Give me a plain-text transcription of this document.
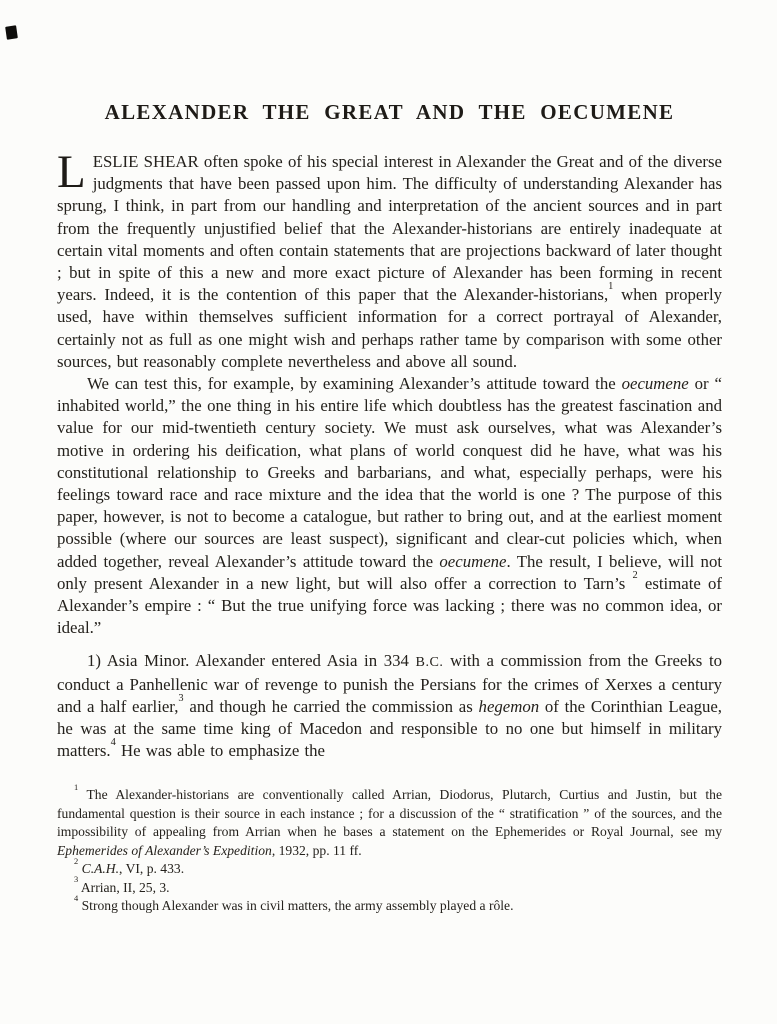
ALEXANDER THE GREAT AND THE OECUMENE

LESLIE SHEAR often spoke of his special interest in Alexander the Great and of the diverse judgments that have been passed upon him. The difficulty of understanding Alexander has sprung, I think, in part from our handling and interpretation of the ancient sources and in part from the frequently unjustified belief that the Alexander-historians are entirely inadequate at certain vital moments and often contain statements that are projections backward of later thought ; but in spite of this a new and more exact picture of Alexander has been forming in recent years. Indeed, it is the contention of this paper that the Alexander-historians,$^1$ when properly used, have within themselves sufficient information for a correct portrayal of Alexander, certainly not as full as one might wish and perhaps rather tame by comparison with some other sources, but reasonably complete nevertheless and above all sound.

We can test this, for example, by examining Alexander’s attitude toward the oecumene or “ inhabited world,” the one thing in his entire life which doubtless has the greatest fascination and value for our mid-twentieth century society. We must ask ourselves, what was Alexander’s motive in ordering his deification, what plans of world conquest did he have, what was his constitutional relationship to Greeks and barbarians, and what, especially perhaps, were his feelings toward race and race mixture and the idea that the world is one ? The purpose of this paper, however, is not to become a catalogue, but rather to bring out, and at the earliest moment possible (where our sources are least suspect), significant and clear-cut policies which, when added together, reveal Alexander’s attitude toward the oecumene. The result, I believe, will not only present Alexander in a new light, but will also offer a correction to Tarn’s $^2$ estimate of Alexander’s empire : “ But the true unifying force was lacking ; there was no common idea, or ideal.”

1) Asia Minor. Alexander entered Asia in 334 B.C. with a commission from the Greeks to conduct a Panhellenic war of revenge to punish the Persians for the crimes of Xerxes a century and a half earlier,$^3$ and though he carried the commission as hegemon of the Corinthian League, he was at the same time king of Macedon and responsible to no one but himself in military matters.$^4$ He was able to emphasize the

$^1$ The Alexander-historians are conventionally called Arrian, Diodorus, Plutarch, Curtius and Justin, but the fundamental question is their source in each instance ; for a discussion of the “ stratification ” of the sources, and the impossibility of appealing from Arrian when he bases a statement on the Ephemerides or Royal Journal, see my Ephemerides of Alexander’s Expedition, 1932, pp. 11 ff.

$^2$ C.A.H., VI, p. 433.

$^3$ Arrian, II, 25, 3.

$^4$ Strong though Alexander was in civil matters, the army assembly played a rôle.
